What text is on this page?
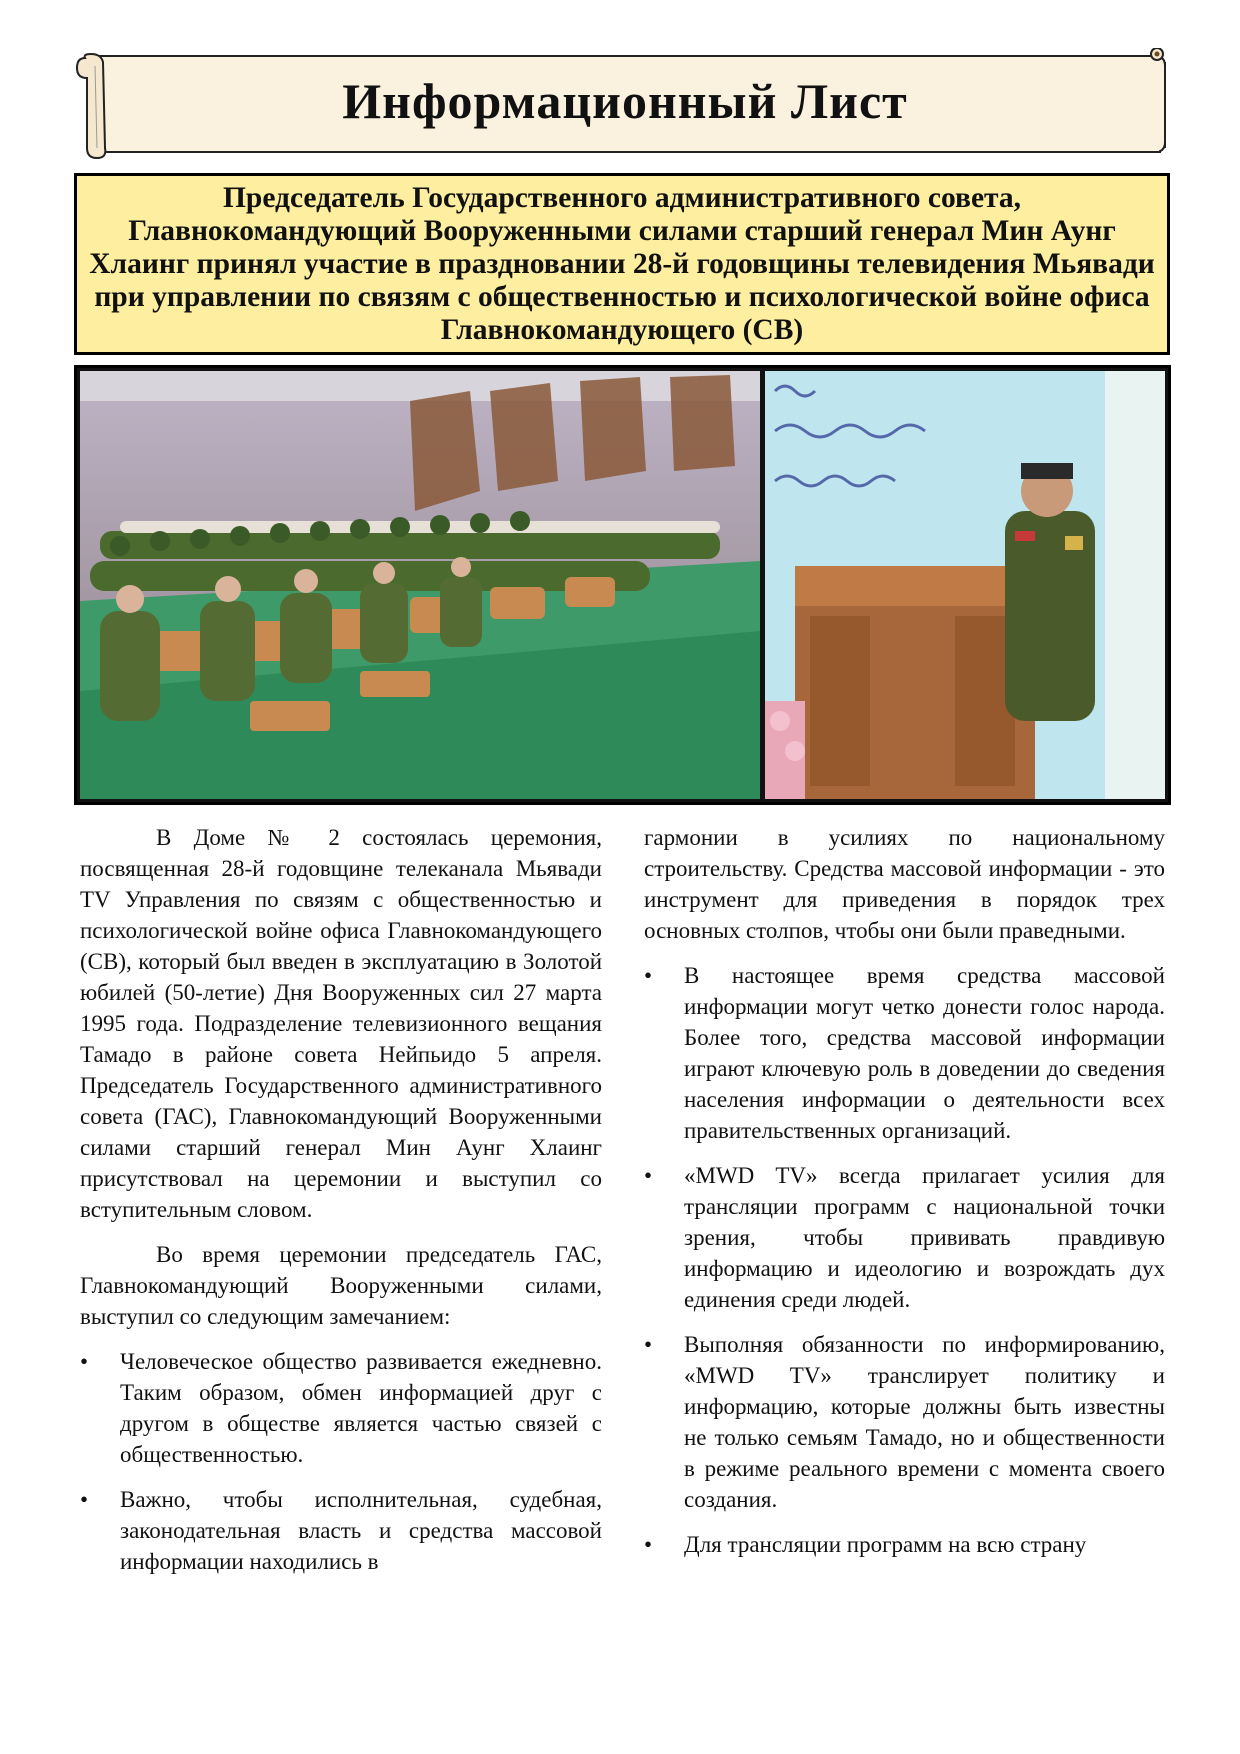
Информационный Лист
Председатель Государственного административного совета, Главнокомандующий Вооруженными силами старший генерал Мин Аунг Хлаинг принял участие в праздновании 28-й годовщины телевидения Мьявади при управлении по связям с общественностью и психологической войне офиса Главнокомандующего (СВ)

В Доме № 2 состоялась церемония, посвященная 28-й годовщине телеканала Мьявади TV Управления по связям с общественностью и психологической войне офиса Главнокомандующего (СВ), который был введен в эксплуатацию в Золотой юбилей (50-летие) Дня Вооруженных сил 27 марта 1995 года. Подразделение телевизионного вещания Тамадо в районе совета Нейпьидо 5 апреля. Председатель Государственного административного совета (ГАС), Главнокомандующий Вооруженными силами старший генерал Мин Аунг Хлаинг присутствовал на церемонии и выступил со вступительным словом.

Во время церемонии председатель ГАС, Главнокомандующий Вооруженными силами, выступил со следующим замечанием:

• Человеческое общество развивается ежедневно. Таким образом, обмен информацией друг с другом в обществе является частью связей с общественностью.
• Важно, чтобы исполнительная, судебная, законодательная власть и средства массовой информации находились в

гармонии в усилиях по национальному строительству. Средства массовой информации - это инструмент для приведения в порядок трех основных столпов, чтобы они были праведными.

• В настоящее время средства массовой информации могут четко донести голос народа. Более того, средства массовой информации играют ключевую роль в доведении до сведения населения информации о деятельности всех правительственных организаций.
• «MWD TV» всегда прилагает усилия для трансляции программ с национальной точки зрения, чтобы прививать правдивую информацию и идеологию и возрождать дух единения среди людей.
• Выполняя обязанности по информированию, «MWD TV» транслирует политику и информацию, которые должны быть известны не только семьям Тамадо, но и общественности в режиме реального времени с момента своего создания.
• Для трансляции программ на всю страну
